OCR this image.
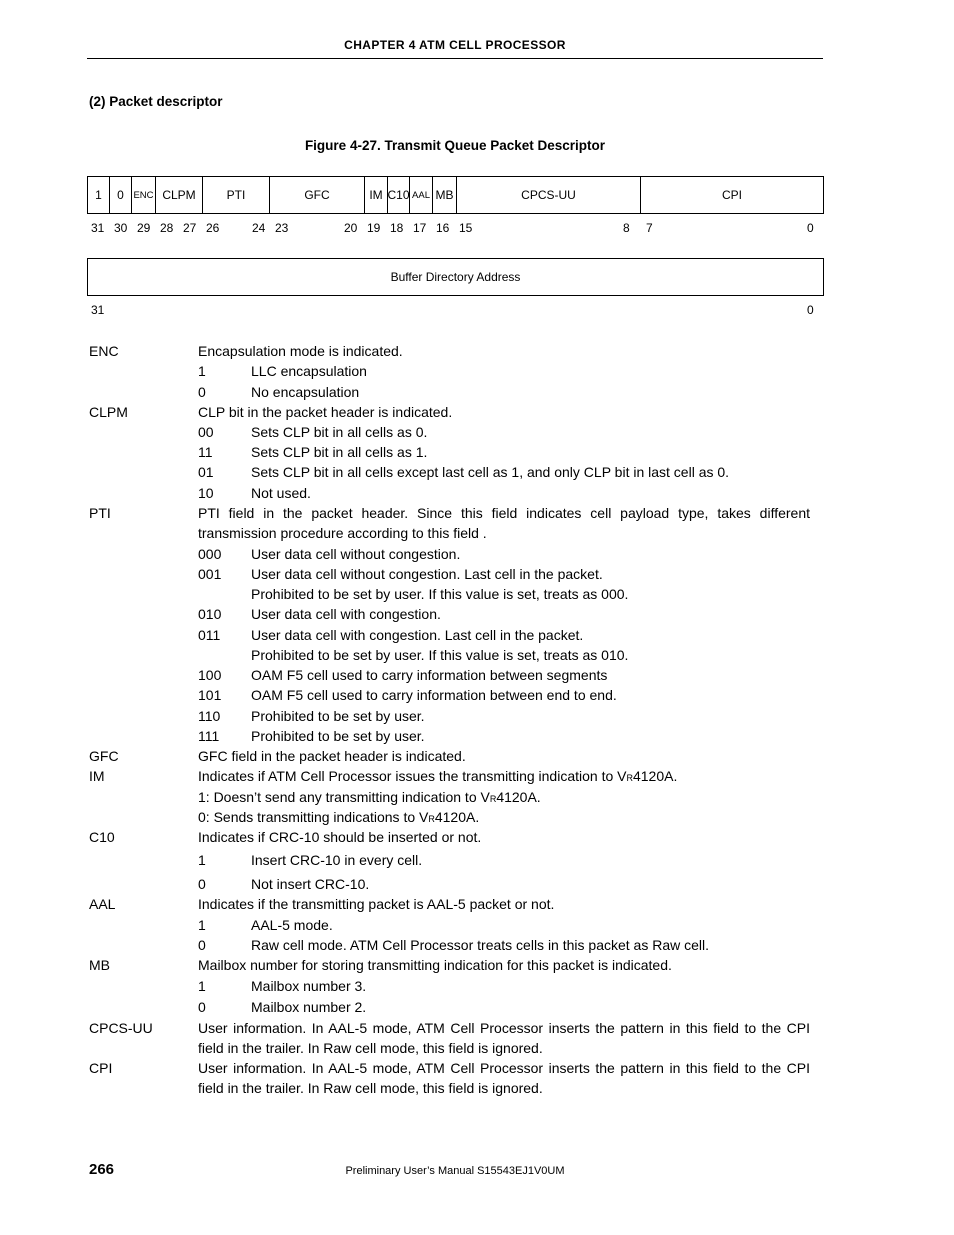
CHAPTER 4 ATM CELL PROCESSOR
(2) Packet descriptor
Figure 4-27. Transmit Queue Packet Descriptor
1	0	ENC CLPM	PTI	GFC	IM C10 AAL MB	CPCS-UU	CPI
31 30 29 28 27 26	24 23	20 19 18 17 16 15	8 7	0
Buffer Directory Address
31	0
ENC	Encapsulation mode is indicated.
1	LLC encapsulation
0	No encapsulation
CLPM	CLP bit in the packet header is indicated.
00	Sets CLP bit in all cells as 0.
11	Sets CLP bit in all cells as 1.
01	Sets CLP bit in all cells except last cell as 1, and only CLP bit in last cell as 0.
10	Not used.
PTI	PTI field in the packet header. Since this field indicates cell payload type, takes different
transmission procedure according to this field .
000 User data cell without congestion.
001 User data cell without congestion. Last cell in the packet.
Prohibited to be set by user. If this value is set, treats as 000.
010 User data cell with congestion.
011 User data cell with congestion. Last cell in the packet.
Prohibited to be set by user. If this value is set, treats as 010.
100 OAM F5 cell used to carry information between segments
101 OAM F5 cell used to carry information between end to end.
110 Prohibited to be set by user.
111 Prohibited to be set by user.
GFC	GFC field in the packet header is indicated.
IM	Indicates if ATM Cell Processor issues the transmitting indication to VR4120A.
1: Doesn’t send any transmitting indication to VR4120A.
0: Sends transmitting indications to VR4120A.
C10	Indicates if CRC-10 should be inserted or not.
1	Insert CRC-10 in every cell.
0	Not insert CRC-10.
AAL	Indicates if the transmitting packet is AAL-5 packet or not.
1	AAL-5 mode.
0	Raw cell mode. ATM Cell Processor treats cells in this packet as Raw cell.
MB	Mailbox number for storing transmitting indication for this packet is indicated.
1	Mailbox number 3.
0	Mailbox number 2.
CPCS-UU	User information. In AAL-5 mode, ATM Cell Processor inserts the pattern in this field to the CPI
field in the trailer. In Raw cell mode, this field is ignored.
CPI	User information. In AAL-5 mode, ATM Cell Processor inserts the pattern in this field to the CPI
field in the trailer. In Raw cell mode, this field is ignored.
266	Preliminary User’s Manual S15543EJ1V0UM
